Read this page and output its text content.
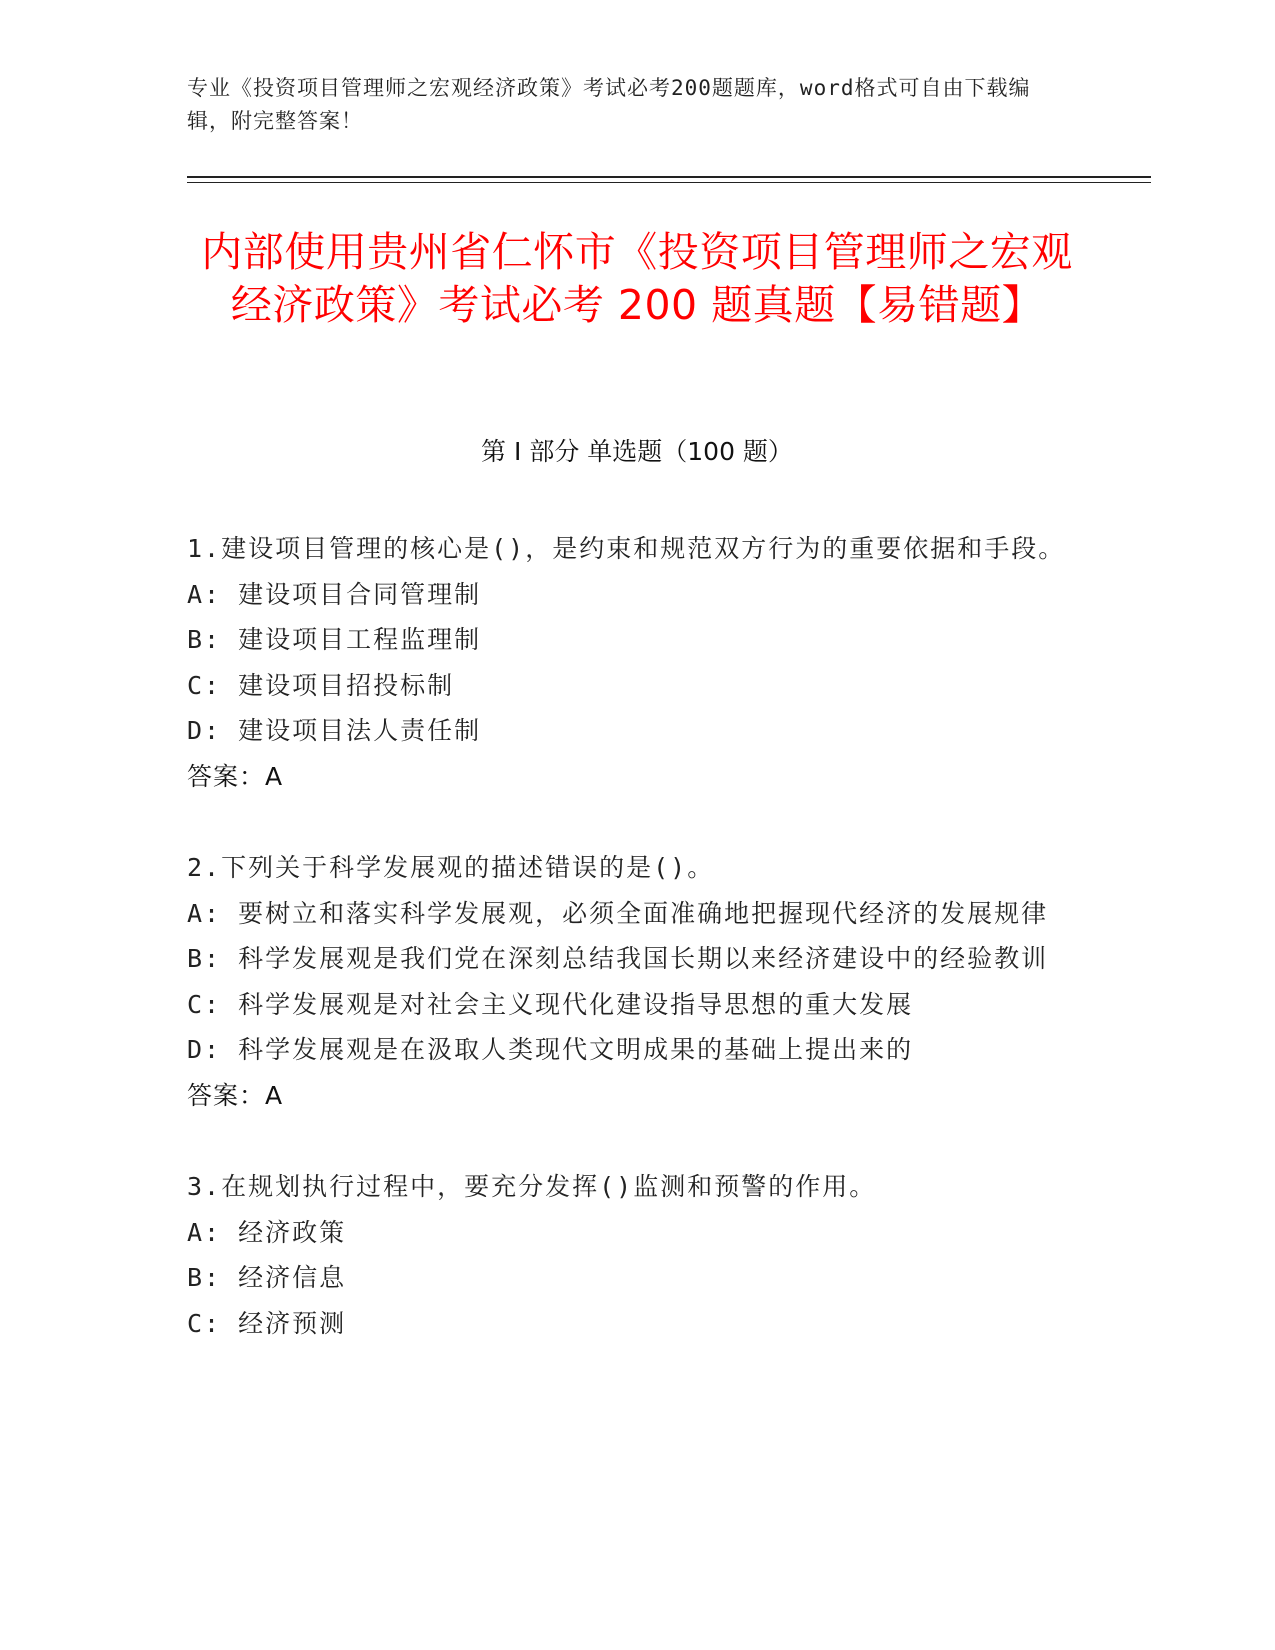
专业《投资项目管理师之宏观经济政策》考试必考200题题库，word格式可自由下载编辑，附完整答案！
内部使用贵州省仁怀市《投资项目管理师之宏观经济政策》考试必考 200 题真题【易错题】
第 I 部分 单选题（100 题）

1.建设项目管理的核心是()，是约束和规范双方行为的重要依据和手段。

A: 建设项目合同管理制

B: 建设项目工程监理制

C: 建设项目招投标制

D: 建设项目法人责任制

答案：A

2.下列关于科学发展观的描述错误的是()。

A: 要树立和落实科学发展观，必须全面准确地把握现代经济的发展规律

B: 科学发展观是我们党在深刻总结我国长期以来经济建设中的经验教训

C: 科学发展观是对社会主义现代化建设指导思想的重大发展

D: 科学发展观是在汲取人类现代文明成果的基础上提出来的

答案：A

3.在规划执行过程中，要充分发挥()监测和预警的作用。

A: 经济政策

B: 经济信息

C: 经济预测
